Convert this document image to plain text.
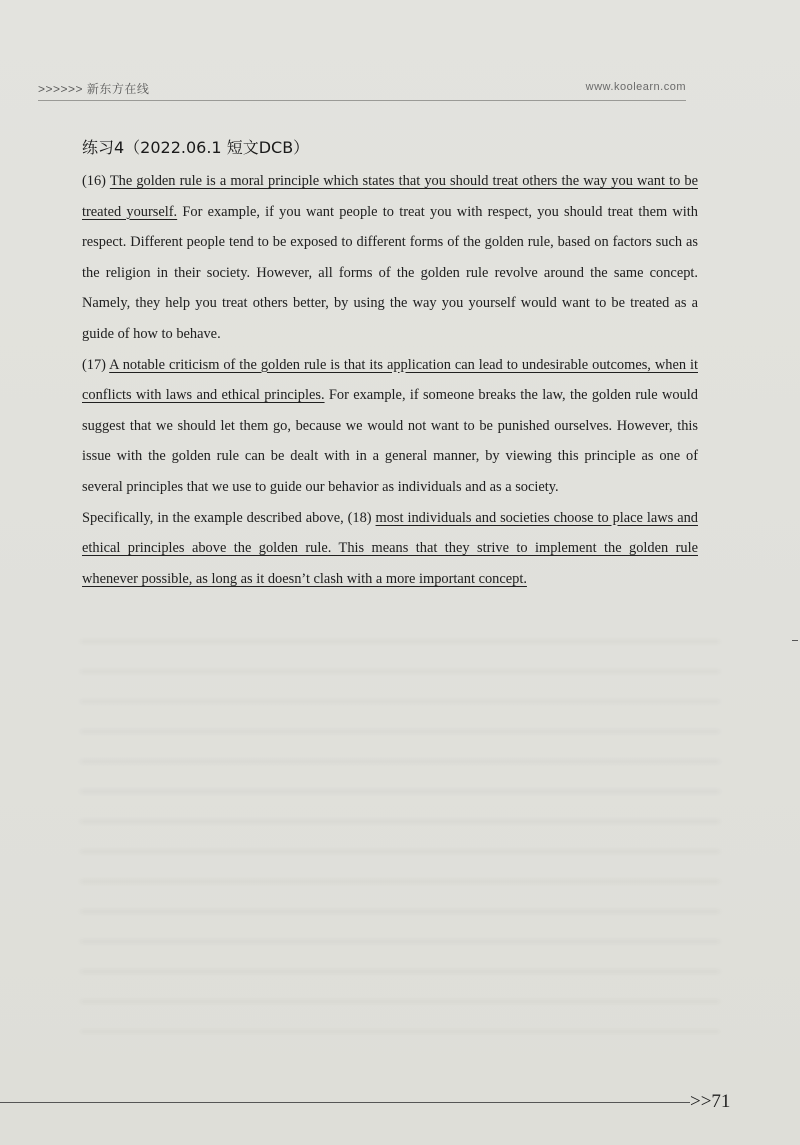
>>>>>> 新东方在线	www.koolearn.com
练习4（2022.06.1 短文DCB）

(16) The golden rule is a moral principle which states that you should treat others the way you want to be treated yourself. For example, if you want people to treat you with respect, you should treat them with respect. Different people tend to be exposed to different forms of the golden rule, based on factors such as the religion in their society. However, all forms of the golden rule revolve around the same concept. Namely, they help you treat others better, by using the way you yourself would want to be treated as a guide of how to behave.

(17) A notable criticism of the golden rule is that its application can lead to undesirable outcomes, when it conflicts with laws and ethical principles. For example, if someone breaks the law, the golden rule would suggest that we should let them go, because we would not want to be punished ourselves. However, this issue with the golden rule can be dealt with in a general manner, by viewing this principle as one of several principles that we use to guide our behavior as individuals and as a society.

Specifically, in the example described above, (18) most individuals and societies choose to place laws and ethical principles above the golden rule. This means that they strive to implement the golden rule whenever possible, as long as it doesn’t clash with a more important concept.

>>71
